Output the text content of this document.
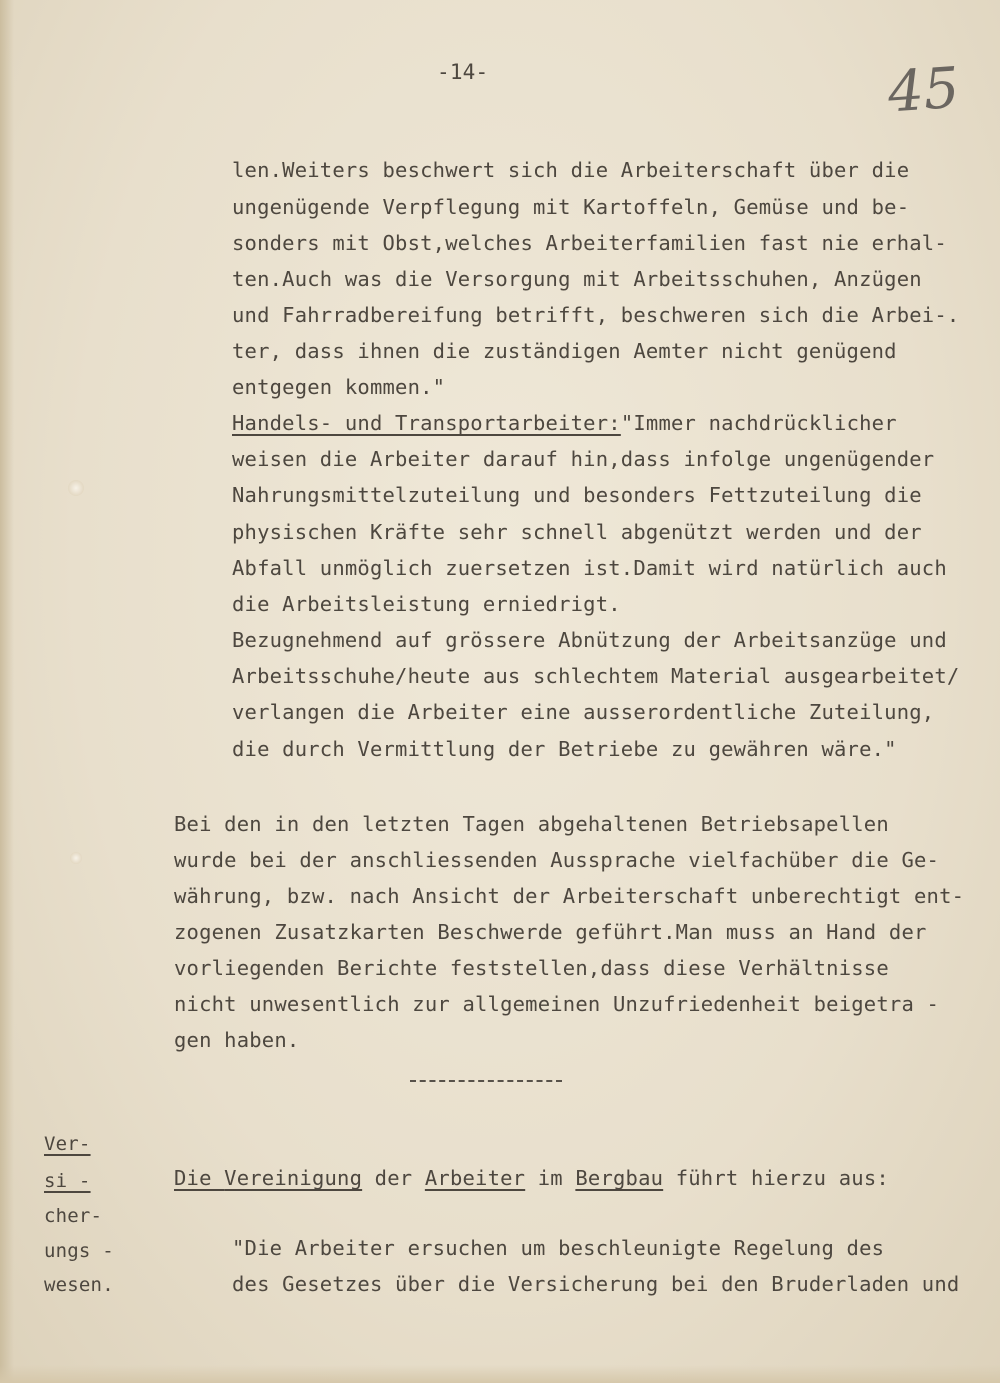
-14-	45
len.Weiters beschwert sich die Arbeiterschaft über die
ungenügende Verpflegung mit Kartoffeln, Gemüse und be-
sonders mit Obst,welches Arbeiterfamilien fast nie erhal-
ten.Auch was die Versorgung mit Arbeitsschuhen, Anzügen
und Fahrradbereifung betrifft, beschweren sich die Arbei-.
ter, dass ihnen die zuständigen Aemter nicht genügend
entgegen kommen."
Handels- und Transportarbeiter:"Immer nachdrücklicher
weisen die Arbeiter darauf hin,dass infolge ungenügender
Nahrungsmittelzuteilung und besonders Fettzuteilung die
physischen Kräfte sehr schnell abgenützt werden und der
Abfall unmöglich zuersetzen ist.Damit wird natürlich auch
die Arbeitsleistung erniedrigt.
Bezugnehmend auf grössere Abnützung der Arbeitsanzüge und
Arbeitsschuhe/heute aus schlechtem Material ausgearbeitet/
verlangen die Arbeiter eine ausserordentliche Zuteilung,
die durch Vermittlung der Betriebe zu gewähren wäre."
Bei den in den letzten Tagen abgehaltenen Betriebsapellen
wurde bei der anschliessenden Aussprache vielfachüber die Ge-
währung, bzw. nach Ansicht der Arbeiterschaft unberechtigt ent-
zogenen Zusatzkarten Beschwerde geführt.Man muss an Hand der
vorliegenden Berichte feststellen,dass diese Verhältnisse
nicht unwesentlich zur allgemeinen Unzufriedenheit beigetra -
gen haben.
Ver-
si -
cher-
ungs -
wesen.
Die Vereinigung der Arbeiter im Bergbau führt hierzu aus:
"Die Arbeiter ersuchen um beschleunigte Regelung des
des Gesetzes über die Versicherung bei den Bruderladen und
